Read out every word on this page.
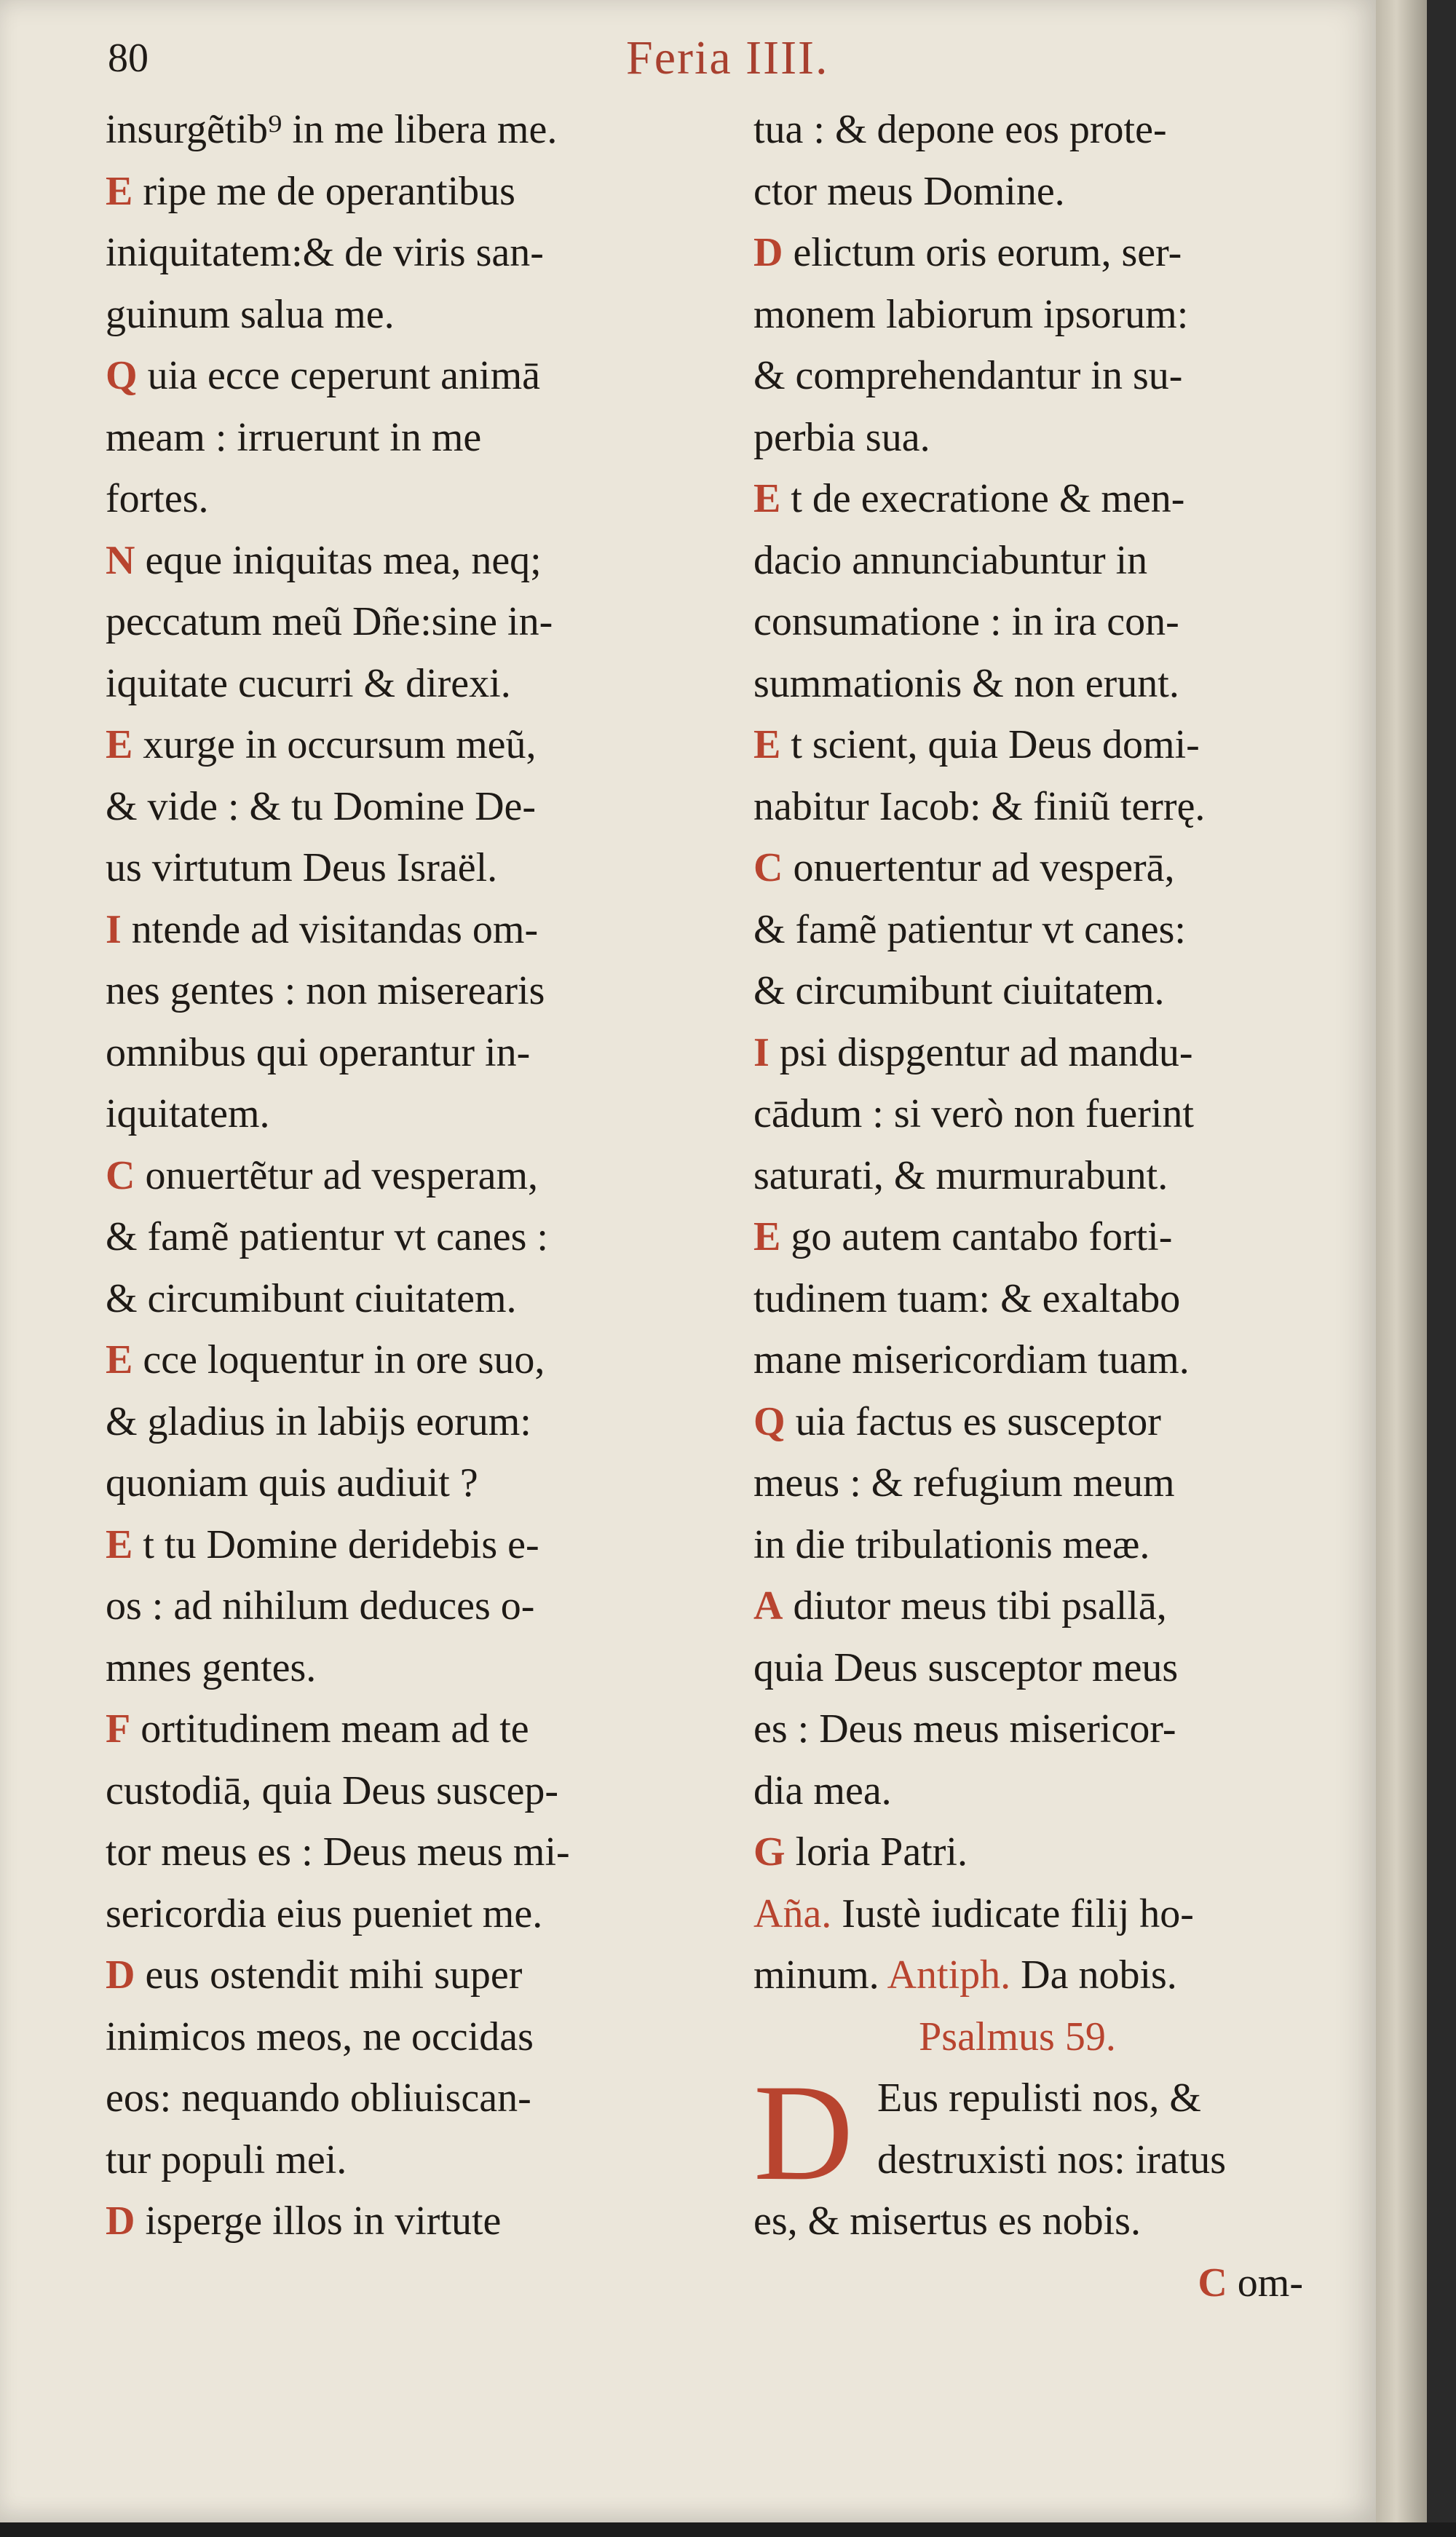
80	Feria IIII.
insurgẽtib⁹ in me libera me.
E ripe me de operantibus
iniquitatem:& de viris san-
guinum salua me.
Q uia ecce ceperunt animā
meam : irruerunt in me
fortes.
N eque iniquitas mea, neq;
peccatum meũ Dñe:sine in-
iquitate cucurri & direxi.
E xurge in occursum meũ,
& vide : & tu Domine De-
us virtutum Deus Israël.
I ntende ad visitandas om-
nes gentes : non miserearis
omnibus qui operantur in-
iquitatem.
C onuertẽtur ad vesperam,
& famẽ patientur vt canes :
& circumibunt ciuitatem.
E cce loquentur in ore suo,
& gladius in labijs eorum:
quoniam quis audiuit ?
E t tu Domine deridebis e-
os : ad nihilum deduces o-
mnes gentes.
F ortitudinem meam ad te
custodiā, quia Deus suscep-
tor meus es : Deus meus mi-
sericordia eius pueniet me.
D eus ostendit mihi super
inimicos meos, ne occidas
eos: nequando obliuiscan-
tur populi mei.
D isperge illos in virtute
tua : & depone eos prote-
ctor meus Domine.
D elictum oris eorum, ser-
monem labiorum ipsorum:
& comprehendantur in su-
perbia sua.
E t de execratione & men-
dacio annunciabuntur in
consumatione : in ira con-
summationis & non erunt.
E t scient, quia Deus domi-
nabitur Iacob: & finiũ terrę.
C onuertentur ad vesperā,
& famẽ patientur vt canes:
& circumibunt ciuitatem.
I psi dispgentur ad mandu-
cādum : si verò non fuerint
saturati, & murmurabunt.
E go autem cantabo forti-
tudinem tuam: & exaltabo
mane misericordiam tuam.
Q uia factus es susceptor
meus : & refugium meum
in die tribulationis meæ.
A diutor meus tibi psallā,
quia Deus susceptor meus
es : Deus meus misericor-
dia mea.
G loria Patri.
Aña. Iustè iudicate filij ho-
minum. Antiph. Da nobis.
Psalmus 59.
D Eus repulisti nos, &
destruxisti nos: iratus
es, & misertus es nobis.
C om-
